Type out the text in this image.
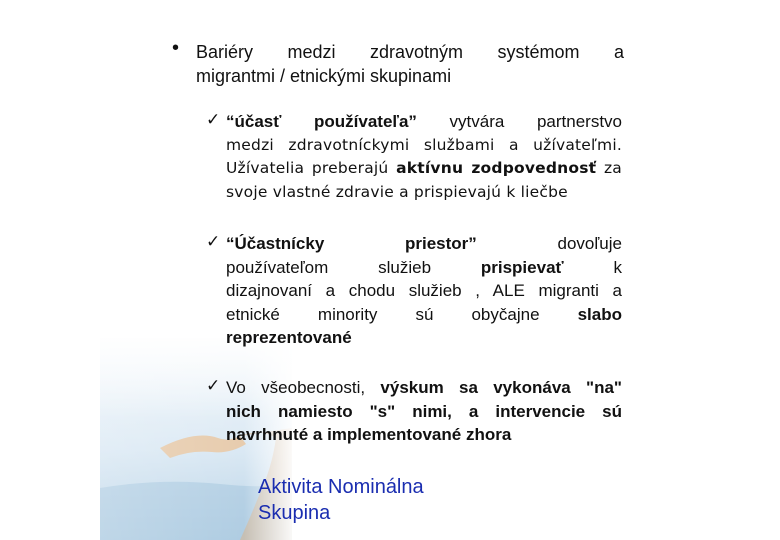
• Bariéry medzi zdravotným systémom a
migrantmi / etnickými skupinami
✓ “účasť používateľa” vytvára partnerstvo
medzi zdravotníckymi službami a užívateľmi.
Užívatelia preberajú aktívnu zodpovednosť za
svoje vlastné zdravie a prispievajú k liečbe
✓ “Účastnícky priestor” dovoľuje
používateľom služieb prispievať k
dizajnovaní a chodu služieb , ALE migranti a
etnické minority sú obyčajne slabo
reprezentované
✓ Vo všeobecnosti, výskum sa vykonáva "na"
nich namiesto "s" nimi, a intervencie sú
navrhnuté a implementované zhora
Aktivita Nominálna
Skupina
